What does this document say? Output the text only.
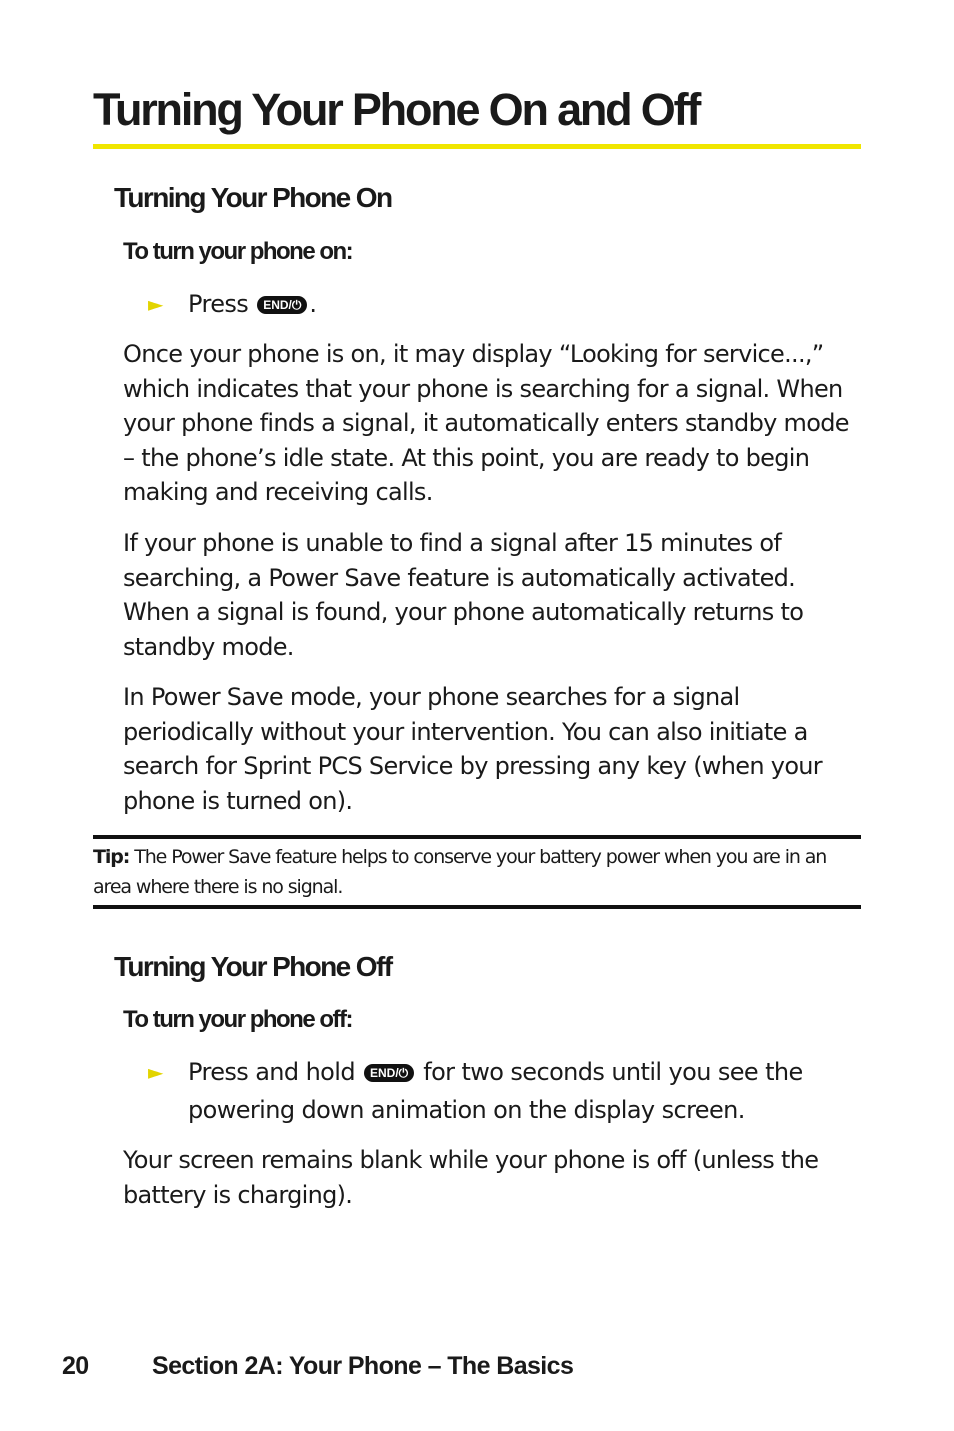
Turning Your Phone On and Off
Turning Your Phone On
To turn your phone on:
► Press END/⏻ .

Once your phone is on, it may display “Looking for service...,” which indicates that your phone is searching for a signal. When your phone finds a signal, it automatically enters standby mode – the phone’s idle state. At this point, you are ready to begin making and receiving calls.

If your phone is unable to find a signal after 15 minutes of searching, a Power Save feature is automatically activated. When a signal is found, your phone automatically returns to standby mode.

In Power Save mode, your phone searches for a signal periodically without your intervention. You can also initiate a search for Sprint PCS Service by pressing any key (when your phone is turned on).

Tip: The Power Save feature helps to conserve your battery power when you are in an area where there is no signal.

Turning Your Phone Off
To turn your phone off:
► Press and hold END/⏻ for two seconds until you see the powering down animation on the display screen.

Your screen remains blank while your phone is off (unless the battery is charging).

20	Section 2A: Your Phone – The Basics
